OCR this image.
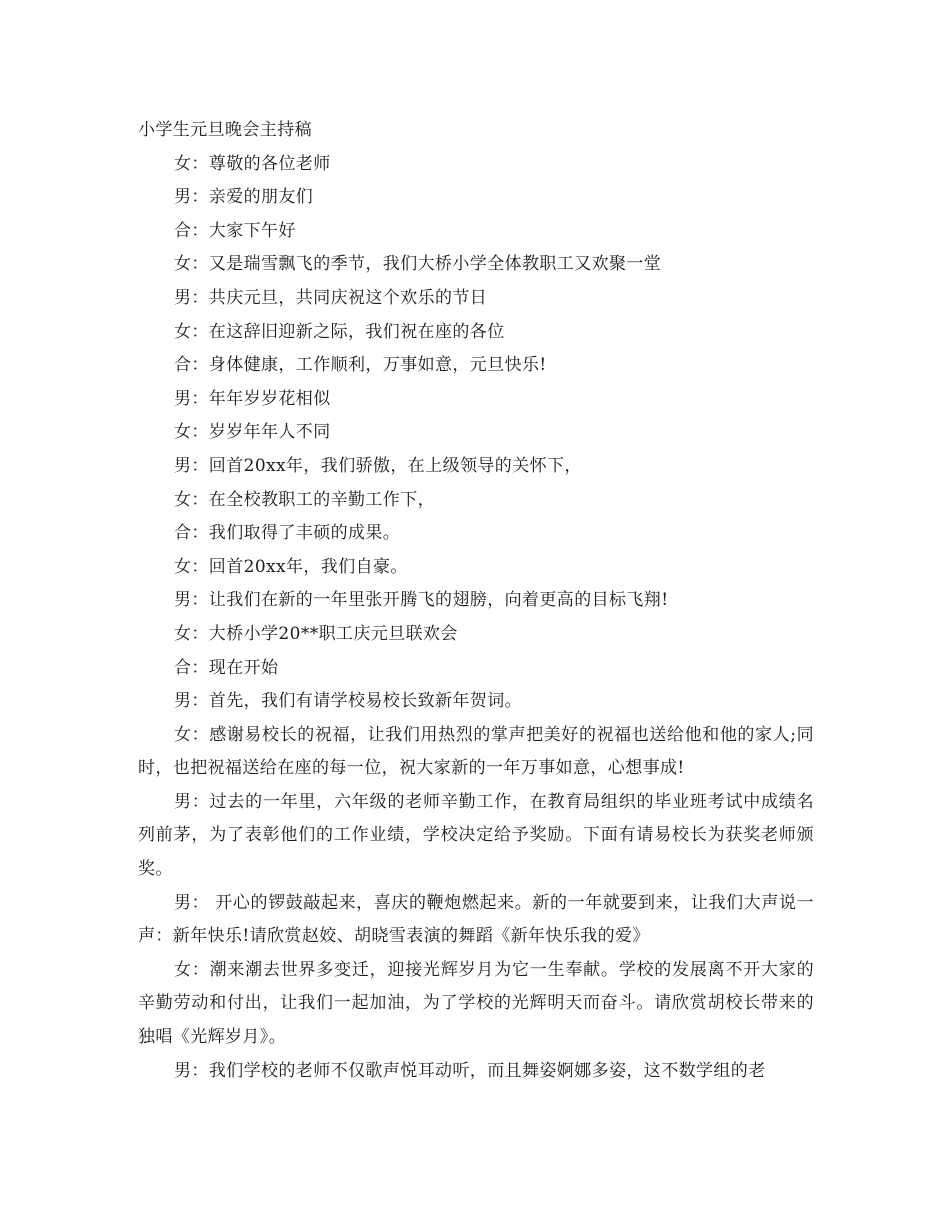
小学生元旦晚会主持稿

女：尊敬的各位老师

男：亲爱的朋友们

合：大家下午好

女：又是瑞雪飘飞的季节，我们大桥小学全体教职工又欢聚一堂

男：共庆元旦，共同庆祝这个欢乐的节日

女：在这辞旧迎新之际，我们祝在座的各位

合：身体健康，工作顺利，万事如意，元旦快乐!

男：年年岁岁花相似

女：岁岁年年人不同

男：回首20xx年，我们骄傲，在上级领导的关怀下，

女：在全校教职工的辛勤工作下，

合：我们取得了丰硕的成果。

女：回首20xx年，我们自豪。

男：让我们在新的一年里张开腾飞的翅膀，向着更高的目标飞翔!

女：大桥小学20**职工庆元旦联欢会

合：现在开始

男：首先，我们有请学校易校长致新年贺词。

女：感谢易校长的祝福，让我们用热烈的掌声把美好的祝福也送给他和他的家人;同时，也把祝福送给在座的每一位，祝大家新的一年万事如意，心想事成!

男：过去的一年里，六年级的老师辛勤工作，在教育局组织的毕业班考试中成绩名列前茅，为了表彰他们的工作业绩，学校决定给予奖励。下面有请易校长为获奖老师颁奖。

男： 开心的锣鼓敲起来，喜庆的鞭炮燃起来。新的一年就要到来，让我们大声说一声：新年快乐!请欣赏赵姣、胡晓雪表演的舞蹈《新年快乐我的爱》

女：潮来潮去世界多变迁，迎接光辉岁月为它一生奉献。学校的发展离不开大家的辛勤劳动和付出，让我们一起加油，为了学校的光辉明天而奋斗。请欣赏胡校长带来的独唱《光辉岁月》。

男：我们学校的老师不仅歌声悦耳动听，而且舞姿婀娜多姿，这不数学组的老
